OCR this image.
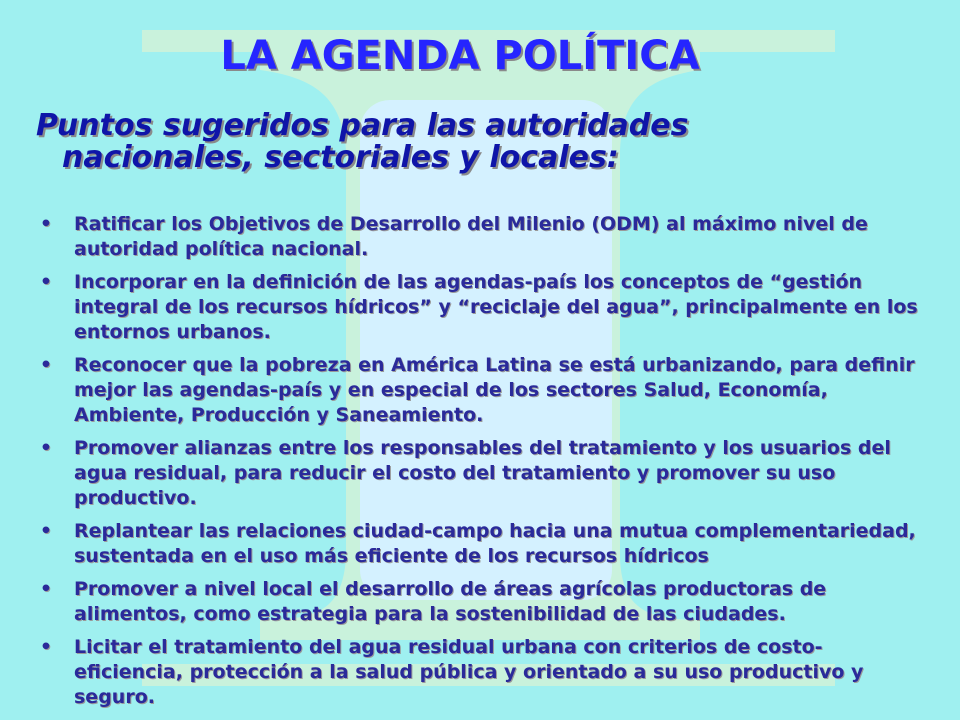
LA AGENDA POLÍTICA
Puntos sugeridos para las autoridades
nacionales, sectoriales y locales:
• Ratificar los Objetivos de Desarrollo del Milenio (ODM) al máximo nivel de autoridad política nacional.
• Incorporar en la definición de las agendas-país los conceptos de “gestión integral de los recursos hídricos” y “reciclaje del agua”, principalmente en los entornos urbanos.
• Reconocer que la pobreza en América Latina se está urbanizando, para definir mejor las agendas-país y en especial de los sectores Salud, Economía, Ambiente, Producción y Saneamiento.
• Promover alianzas entre los responsables del tratamiento y los usuarios del agua residual, para reducir el costo del tratamiento y promover su uso productivo.
• Replantear las relaciones ciudad-campo hacia una mutua complementariedad, sustentada en el uso más eficiente de los recursos hídricos
• Promover a nivel local el desarrollo de áreas agrícolas productoras de alimentos, como estrategia para la sostenibilidad de las ciudades.
• Licitar el tratamiento del agua residual urbana con criterios de costo-eficiencia, protección a la salud pública y orientado a su uso productivo y seguro.
